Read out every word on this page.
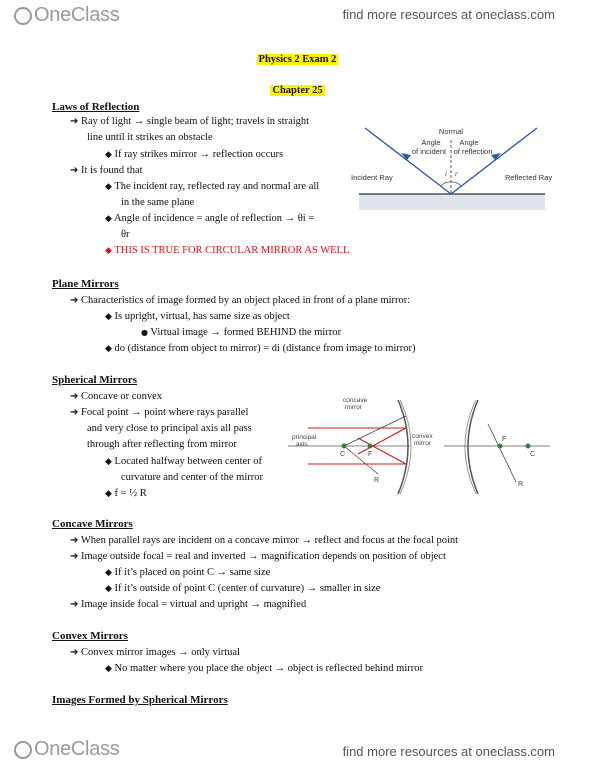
OneClass	find more resources at oneclass.com
Physics 2 Exam 2
Chapter 25
Laws of Reflection
➔ Ray of light → single beam of light; travels in straight
line until it strikes an obstacle
◆ If ray strikes mirror → reflection occurs
➔ It is found that
◆ The incident ray, reflected ray and normal are all
in the same plane
◆ Angle of incidence = angle of reflection → θi =
θr
◆ THIS IS TRUE FOR CIRCULAR MIRROR AS WELL
Normal
Angle
of incident
Angle
of reflection
i r
Incident Ray	Reflected Ray
Plane Mirrors
➔ Characteristics of image formed by an object placed in front of a plane mirror:
◆ Is upright, virtual, has same size as object
● Virtual image → formed BEHIND the mirror
◆ do (distance from object to mirror) = di (distance from image to mirror)
Spherical Mirrors
➔ Concave or convex
➔ Focal point → point where rays parallel
and very close to principal axis all pass
through after reflecting from mirror
◆ Located halfway between center of
curvature and center of the mirror
◆ f = ½ R
concave
mirror
principal
axis
F
C
R
convex
mirror
F
C
R
Concave Mirrors
➔ When parallel rays are incident on a concave mirror → reflect and focus at the focal point
➔ Image outside focal = real and inverted → magnification depends on position of object
◆ If it’s placed on point C → same size
◆ If it’s outside of point C (center of curvature) → smaller in size
➔ Image inside focal = virtual and upright → magnified
Convex Mirrors
➔ Convex mirror images → only virtual
◆ No matter where you place the object → object is reflected behind mirror
Images Formed by Spherical Mirrors
OneClass	find more resources at oneclass.com
